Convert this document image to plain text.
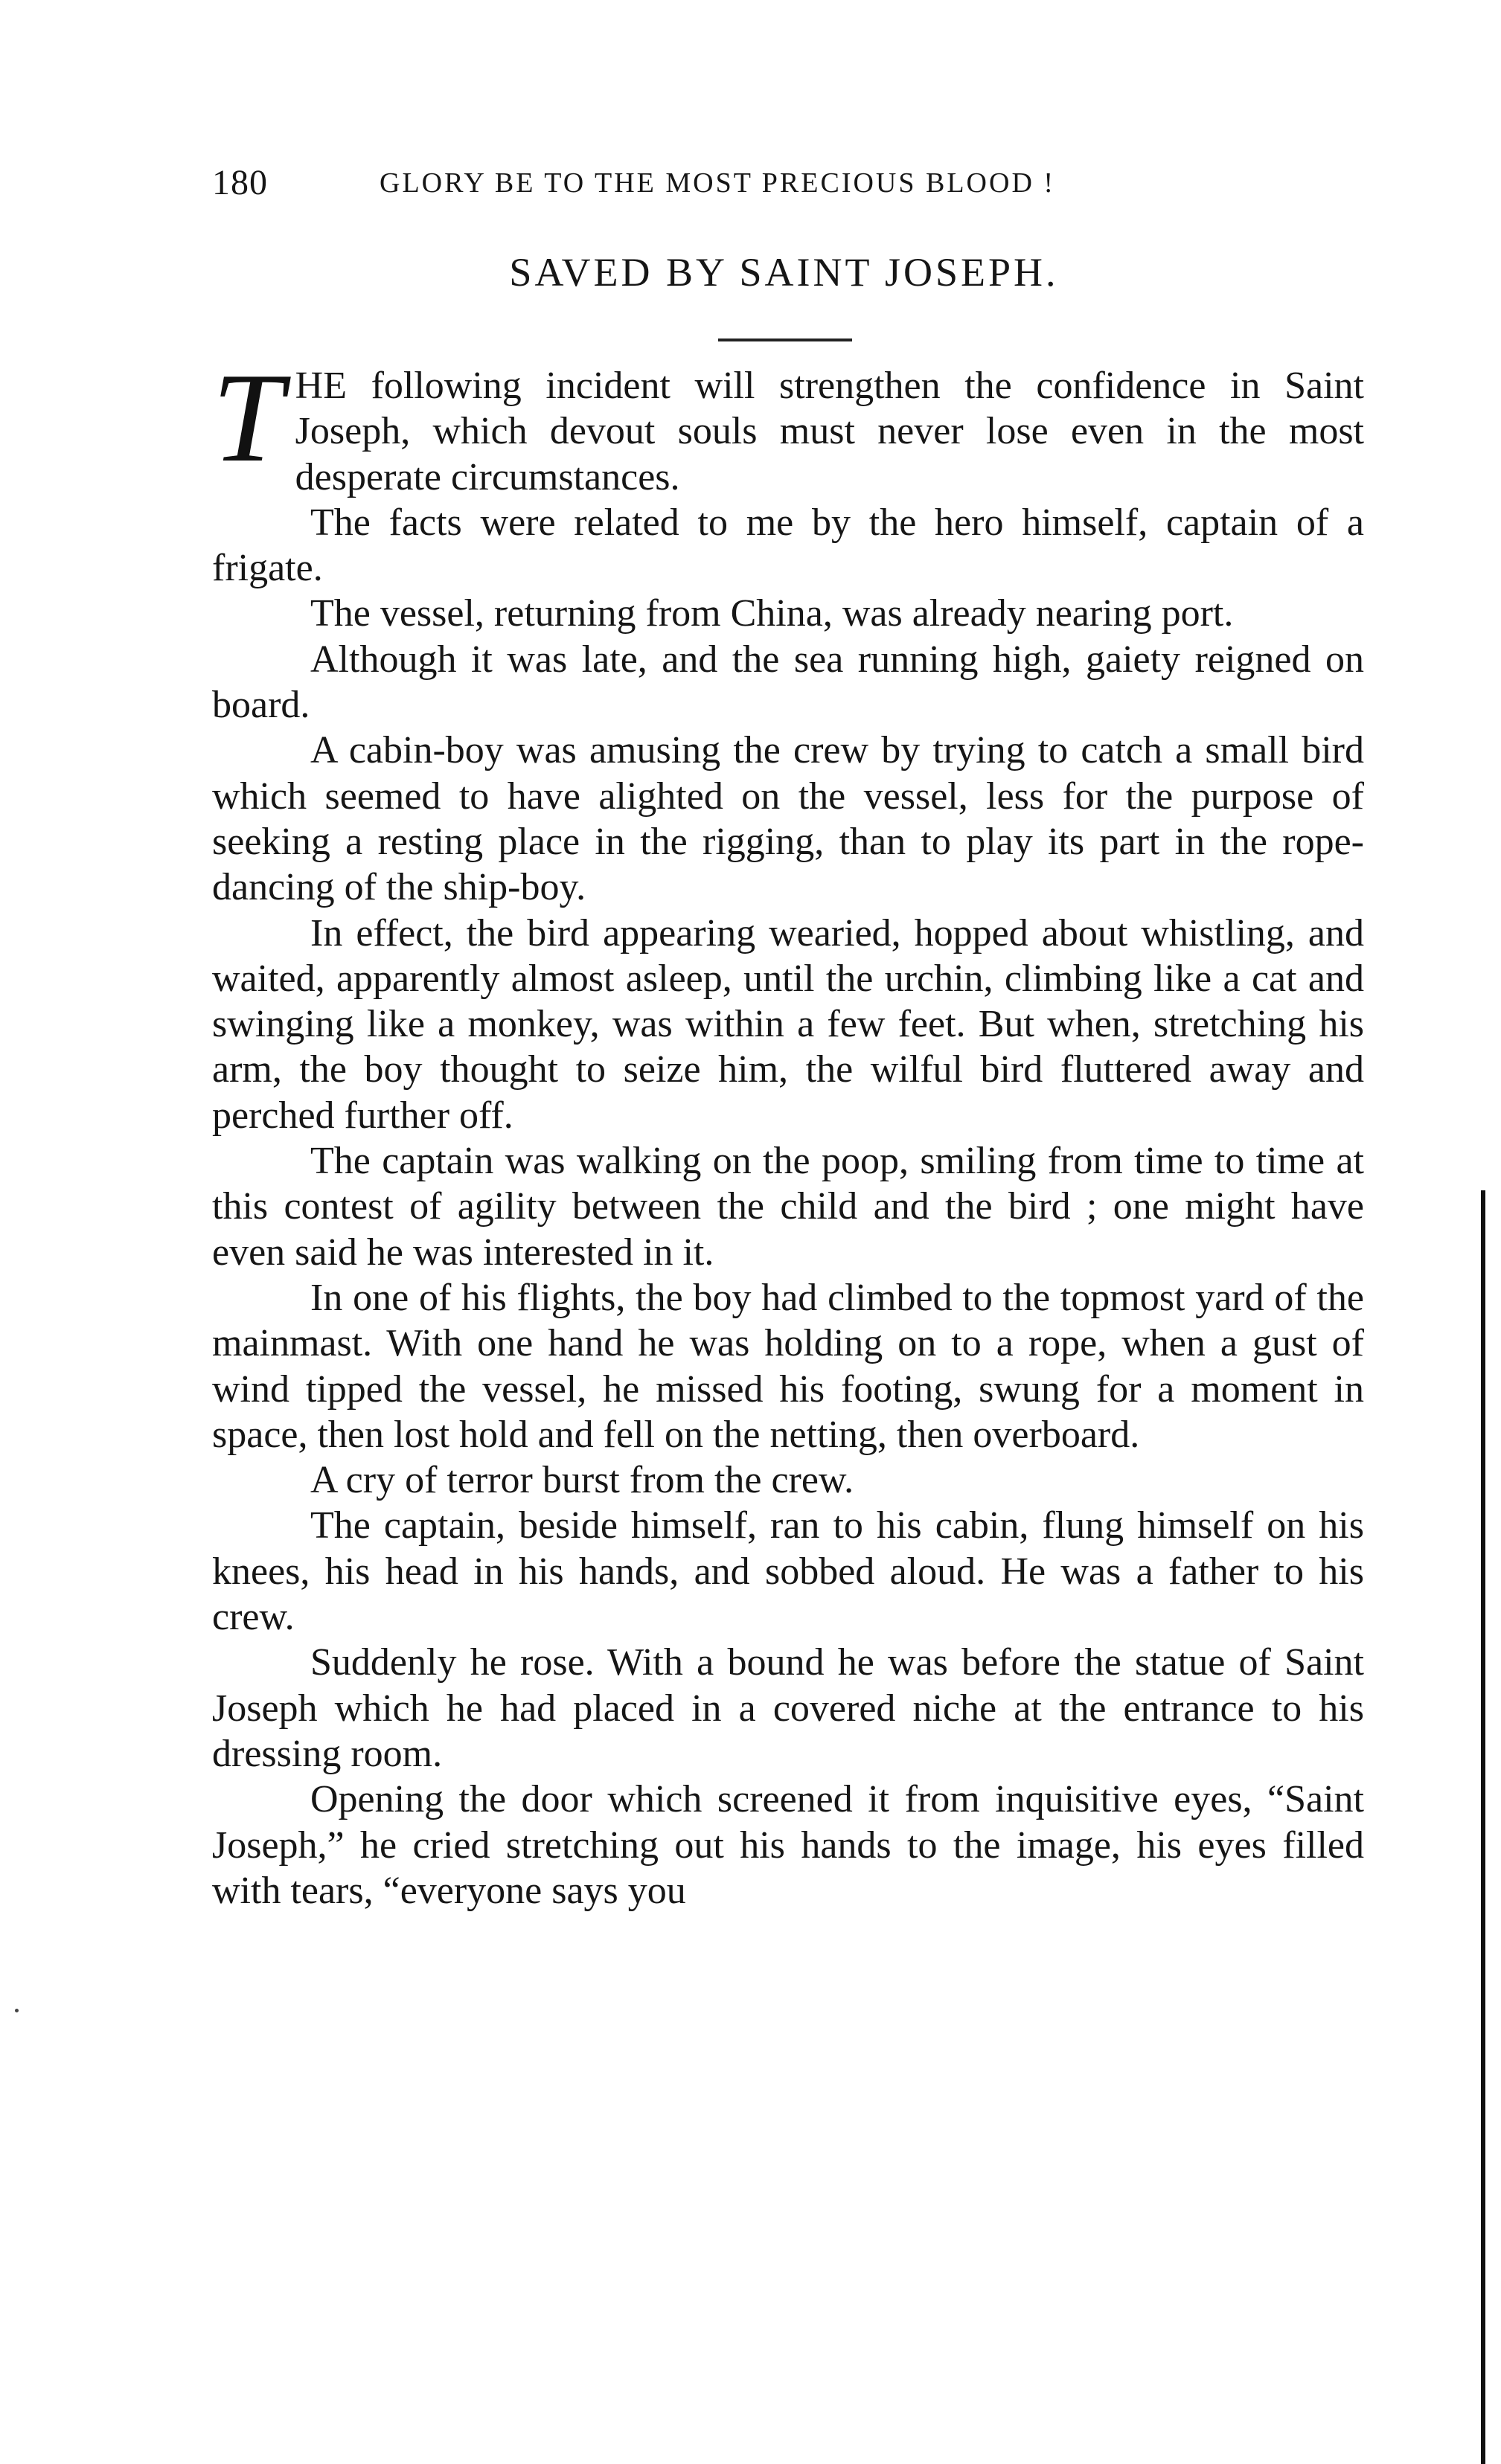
180	GLORY BE TO THE MOST PRECIOUS BLOOD !
SAVED BY SAINT JOSEPH.

THE following incident will strengthen the confidence in Saint Joseph, which devout souls must never lose even in the most desperate circumstances.

The facts were related to me by the hero himself, captain of a frigate.

The vessel, returning from China, was already nearing port.

Although it was late, and the sea running high, gaiety reigned on board.

A cabin-boy was amusing the crew by trying to catch a small bird which seemed to have alighted on the vessel, less for the purpose of seeking a resting place in the rigging, than to play its part in the rope-dancing of the ship-boy.

In effect, the bird appearing wearied, hopped about whistling, and waited, apparently almost asleep, until the urchin, climbing like a cat and swinging like a monkey, was within a few feet. But when, stretching his arm, the boy thought to seize him, the wilful bird fluttered away and perched further off.

The captain was walking on the poop, smiling from time to time at this contest of agility between the child and the bird ; one might have even said he was interested in it.

In one of his flights, the boy had climbed to the topmost yard of the mainmast. With one hand he was holding on to a rope, when a gust of wind tipped the vessel, he missed his footing, swung for a moment in space, then lost hold and fell on the netting, then overboard.

A cry of terror burst from the crew.

The captain, beside himself, ran to his cabin, flung himself on his knees, his head in his hands, and sobbed aloud. He was a father to his crew.

Suddenly he rose. With a bound he was before the statue of Saint Joseph which he had placed in a covered niche at the entrance to his dressing room.

Opening the door which screened it from inquisitive eyes, “Saint Joseph,” he cried stretching out his hands to the image, his eyes filled with tears, “everyone says you
